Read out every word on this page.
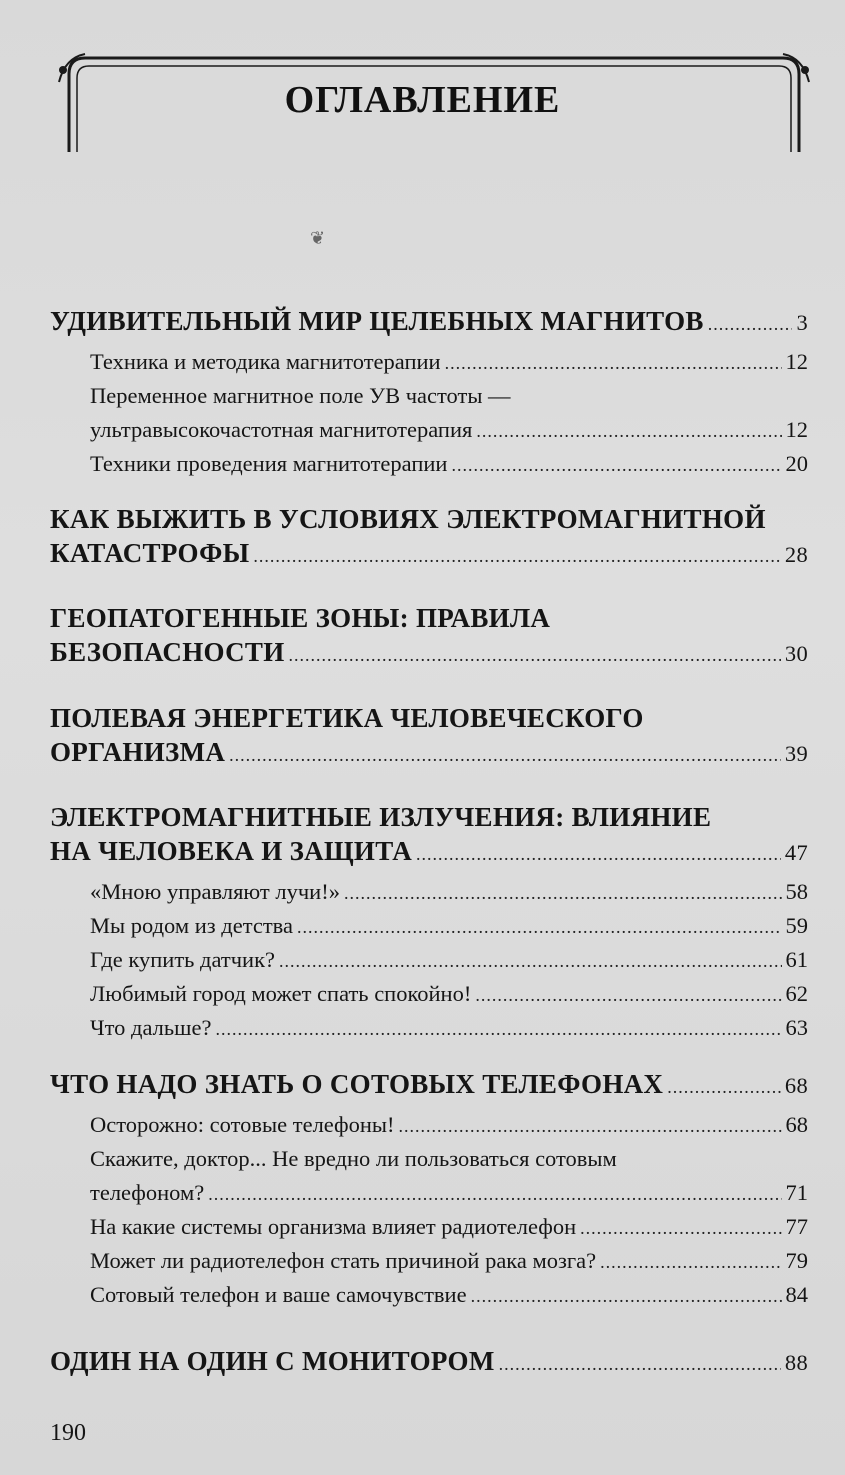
ОГЛАВЛЕНИЕ
❦
УДИВИТЕЛЬНЫЙ МИР ЦЕЛЕБНЫХ МАГНИТОВ .....	3
Техника и методика магнитотерапии .....	12
Переменное магнитное поле УВ частоты —
ультравысокочастотная магнитотерапия .....	12
Техники проведения магнитотерапии .....	20
КАК ВЫЖИТЬ В УСЛОВИЯХ ЭЛЕКТРОМАГНИТНОЙ
КАТАСТРОФЫ .....	28
ГЕОПАТОГЕННЫЕ ЗОНЫ: ПРАВИЛА
БЕЗОПАСНОСТИ .....	30
ПОЛЕВАЯ ЭНЕРГЕТИКА ЧЕЛОВЕЧЕСКОГО
ОРГАНИЗМА .....	39
ЭЛЕКТРОМАГНИТНЫЕ ИЗЛУЧЕНИЯ: ВЛИЯНИЕ
НА ЧЕЛОВЕКА И ЗАЩИТА .....	47
«Мною управляют лучи!» .....	58
Мы родом из детства .....	59
Где купить датчик? .....	61
Любимый город может спать спокойно! .....	62
Что дальше? .....	63
ЧТО НАДО ЗНАТЬ О СОТОВЫХ ТЕЛЕФОНАХ .....	68
Осторожно: сотовые телефоны! .....	68
Скажите, доктор... Не вредно ли пользоваться сотовым
телефоном? .....	71
На какие системы организма влияет радиотелефон .....	77
Может ли радиотелефон стать причиной рака мозга? .....	79
Сотовый телефон и ваше самочувствие .....	84
ОДИН НА ОДИН С МОНИТОРОМ .....	88
190
